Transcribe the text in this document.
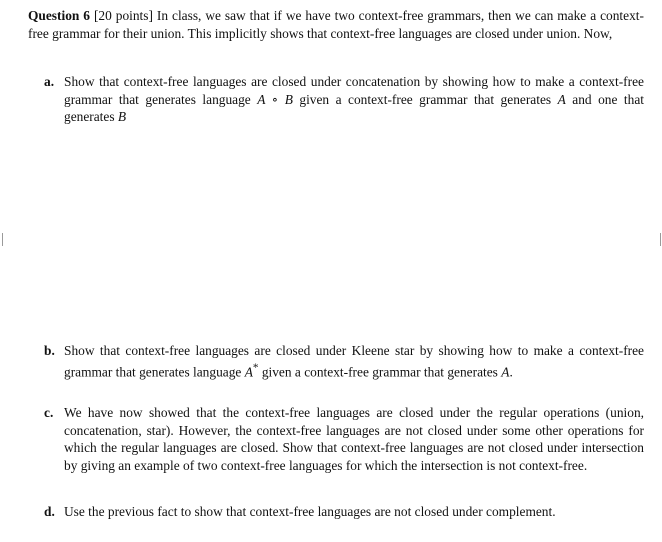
Question 6 [20 points] In class, we saw that if we have two context-free grammars, then we can make a context-free grammar for their union. This implicitly shows that context-free languages are closed under union. Now,
a. Show that context-free languages are closed under concatenation by showing how to make a context-free grammar that generates language A ∘ B given a context-free grammar that generates A and one that generates B
b. Show that context-free languages are closed under Kleene star by showing how to make a context-free grammar that generates language A* given a context-free grammar that generates A.
c. We have now showed that the context-free languages are closed under the regular operations (union, concatenation, star). However, the context-free languages are not closed under some other operations for which the regular languages are closed. Show that context-free languages are not closed under intersection by giving an example of two context-free languages for which the intersection is not context-free.
d. Use the previous fact to show that context-free languages are not closed under complement.
